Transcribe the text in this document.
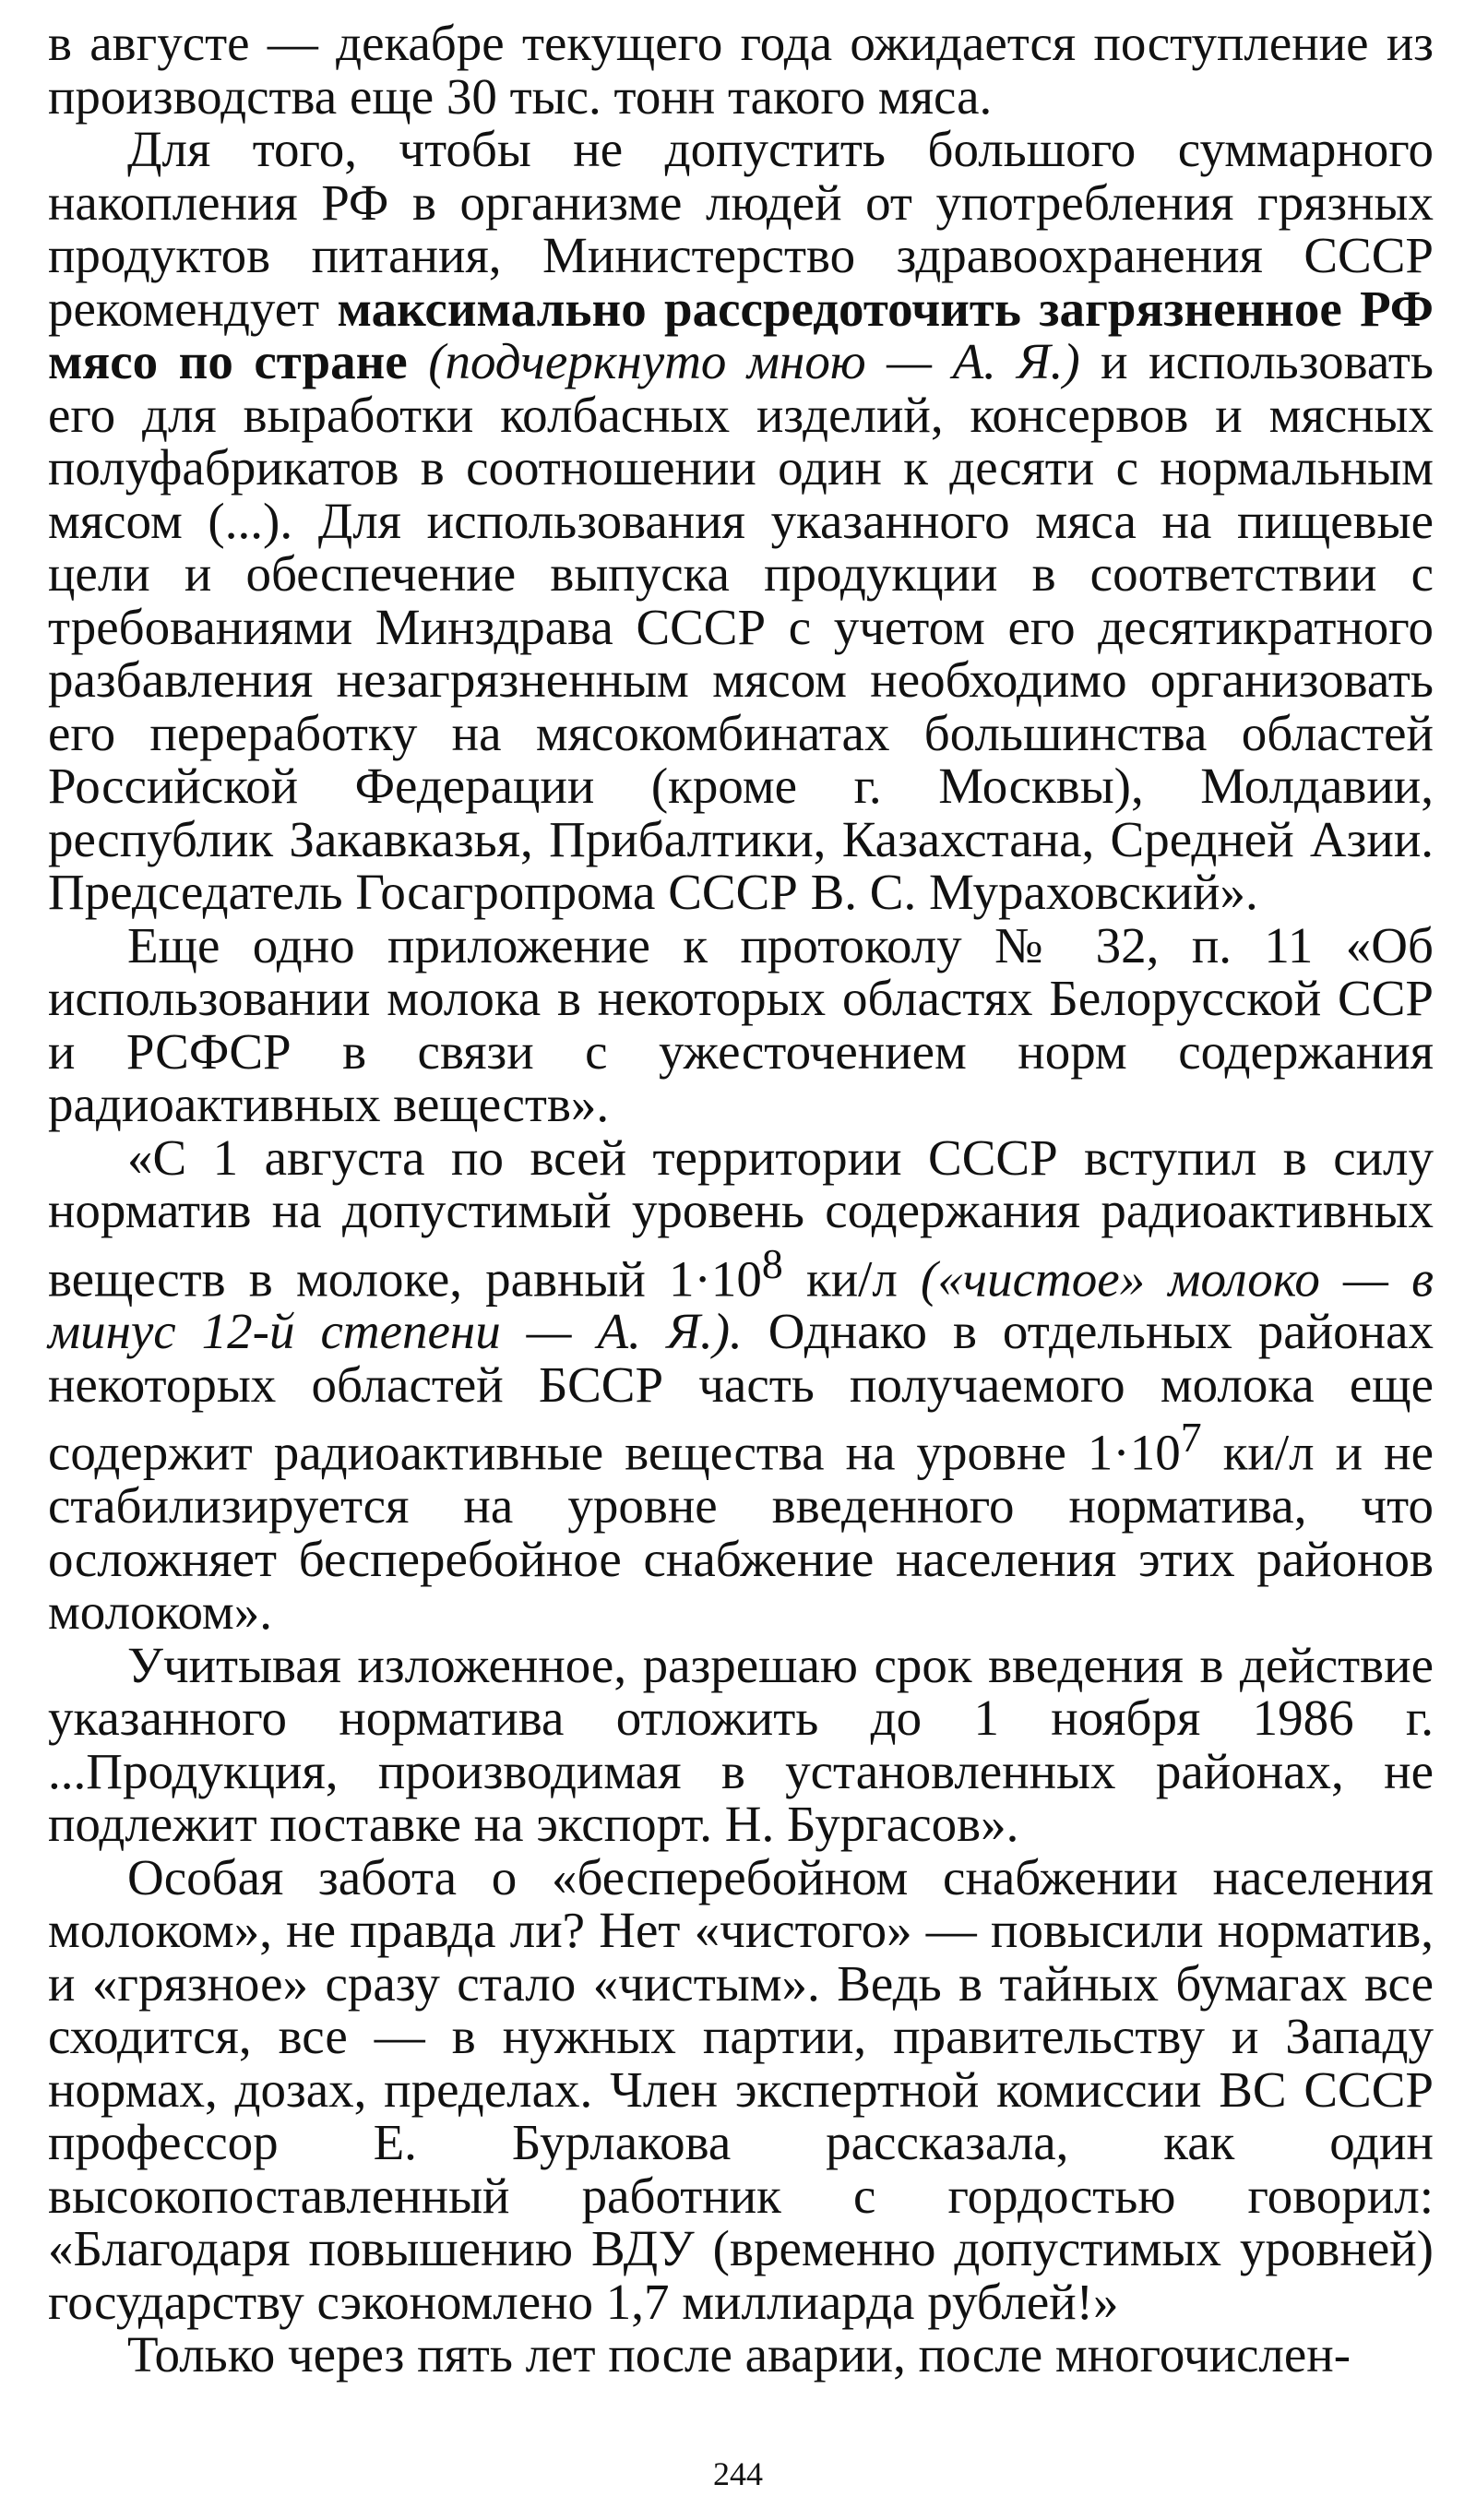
в августе — декабре текущего года ожидается поступление из производства еще 30 тыс. тонн такого мяса.

Для того, чтобы не допустить большого суммарного накопления РФ в организме людей от употребления грязных продуктов питания, Министерство здравоохранения СССР рекомендует максимально рассредоточить загрязненное РФ мясо по стране (подчеркнуто мною — А. Я.) и использовать его для выработки колбасных изделий, консервов и мясных полуфабрикатов в соотношении один к десяти с нормальным мясом (...). Для использования указанного мяса на пищевые цели и обеспечение выпуска продукции в соответствии с требованиями Минздрава СССР с учетом его десятикратного разбавления незагрязненным мясом необходимо организовать его переработку на мясокомбинатах большинства областей Российской Федерации (кроме г. Москвы), Молдавии, республик Закавказья, Прибалтики, Казахстана, Средней Азии. Председатель Госагропрома СССР В. С. Мураховский».

Еще одно приложение к протоколу № 32, п. 11 «Об использовании молока в некоторых областях Белорусской ССР и РСФСР в связи с ужесточением норм содержания радиоактивных веществ».

«С 1 августа по всей территории СССР вступил в силу норматив на допустимый уровень содержания радиоактивных веществ в молоке, равный $1\cdot 10^8$ ки/л («чистое» молоко — в минус 12-й степени — А. Я.). Однако в отдельных районах некоторых областей БССР часть получаемого молока еще содержит радиоактивные вещества на уровне $1\cdot 10^7$ ки/л и не стабилизируется на уровне введенного норматива, что осложняет бесперебойное снабжение населения этих районов молоком».

Учитывая изложенное, разрешаю срок введения в действие указанного норматива отложить до 1 ноября 1986 г. ...Продукция, производимая в установленных районах, не подлежит поставке на экспорт. Н. Бургасов».

Особая забота о «бесперебойном снабжении населения молоком», не правда ли? Нет «чистого» — повысили норматив, и «грязное» сразу стало «чистым». Ведь в тайных бумагах все сходится, все — в нужных партии, правительству и Западу нормах, дозах, пределах. Член экспертной комиссии ВС СССР профессор Е. Бурлакова рассказала, как один высокопоставленный работник с гордостью говорил: «Благодаря повышению ВДУ (временно допустимых уровней) государству сэкономлено 1,7 миллиарда рублей!»

Только через пять лет после аварии, после многочислен-

244
